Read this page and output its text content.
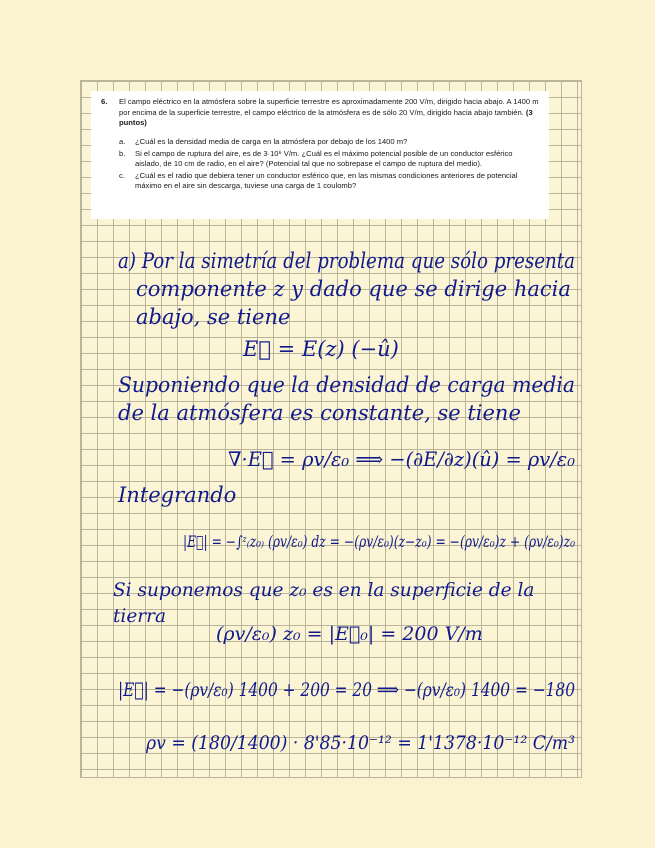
6. El campo eléctrico en la atmósfera sobre la superficie terrestre es aproximadamente 200 V/m, dirigido hacia abajo. A 1400 m por encima de la superficie terrestre, el campo eléctrico de la atmósfera es de sólo 20 V/m, dirigido hacia abajo también. (3 puntos)
a. ¿Cuál es la densidad media de carga en la atmósfera por debajo de los 1400 m?
b. Si el campo de ruptura del aire, es de 3·10⁶ V/m. ¿Cuál es el máximo potencial posible de un conductor esférico aislado, de 10 cm de radio, en el aire? (Potencial tal que no sobrepase el campo de ruptura del medio).
c. ¿Cuál es el radio que debiera tener un conductor esférico que, en las mismas condiciones anteriores de potencial máximo en el aire sin descarga, tuviese una carga de 1 coulomb?
a) Por la simetría del problema que sólo presenta
componente z y dado que se dirige hacia
abajo, se tiene
E⃗ = E(z) (−û)
Suponiendo que la densidad de carga media
de la atmósfera es constante, se tiene
∇·E⃗ = ρv/ε₀ ⟹ −(∂E/∂z)(û) = ρv/ε₀
Integrando
|E⃗| = −∫ᶻ₍z₀₎ (ρv/ε₀) dz = −(ρv/ε₀)(z−z₀) = −(ρv/ε₀)z + (ρv/ε₀)z₀
Si suponemos que z₀ es en la superficie de la
tierra
(ρv/ε₀) z₀ = |E⃗₀| = 200 V/m
|E⃗| = −(ρv/ε₀) 1400 + 200 = 20 ⟹ −(ρv/ε₀) 1400 = −180
ρv = (180/1400) · 8'85·10⁻¹² = 1'1378·10⁻¹² C/m³
